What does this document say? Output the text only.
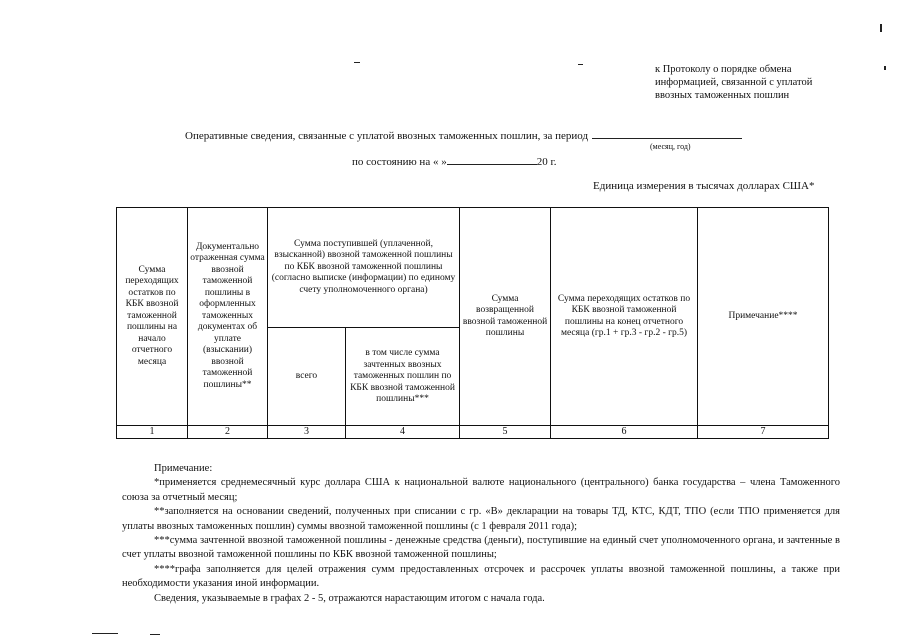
к Протоколу о порядке обмена информацией, связанной с уплатой ввозных таможенных пошлин
Оперативные сведения, связанные с уплатой ввозных таможенных пошлин, за период
(месяц, год)
по состоянию на « »	20 г.
Единица измерения в тысячах долларах США*
Сумма переходящих остатков по КБК ввозной таможенной пошлины на начало отчетного месяца	Документально отраженная сумма ввозной таможенной пошлины в оформленных таможенных документах об уплате (взыскании) ввозной таможенной пошлины**	Сумма поступившей (уплаченной, взысканной) ввозной таможенной пошлины по КБК ввозной таможенной пошлины (согласно выписке (информации) по единому счету уполномоченного органа)		Сумма возвращенной ввозной таможенной пошлины	Сумма переходящих остатков по КБК ввозной таможенной пошлины на конец отчетного месяца (гр.1 + гр.3 - гр.2 - гр.5)	Примечание****
		всего	в том числе сумма зачтенных ввозных таможенных пошлин по КБК ввозной таможенной пошлины***			
1	2	3	4	5	6	7

Примечание:

*применяется среднемесячный курс доллара США к национальной валюте национального (центрального) банка государства – члена Таможенного союза за отчетный месяц;

**заполняется на основании сведений, полученных при списании с гр. «В» декларации на товары ТД, КТС, КДТ, ТПО (если ТПО применяется для уплаты ввозных таможенных пошлин) суммы ввозной таможенной пошлины (с 1 февраля 2011 года);

***сумма зачтенной ввозной таможенной пошлины - денежные средства (деньги), поступившие на единый счет уполномоченного органа, и зачтенные в счет уплаты ввозной таможенной пошлины по КБК ввозной таможенной пошлины;

****графа заполняется для целей отражения сумм предоставленных отсрочек и рассрочек уплаты ввозной таможенной пошлины, а также при необходимости указания иной информации.

Сведения, указываемые в графах 2 - 5, отражаются нарастающим итогом с начала года.
